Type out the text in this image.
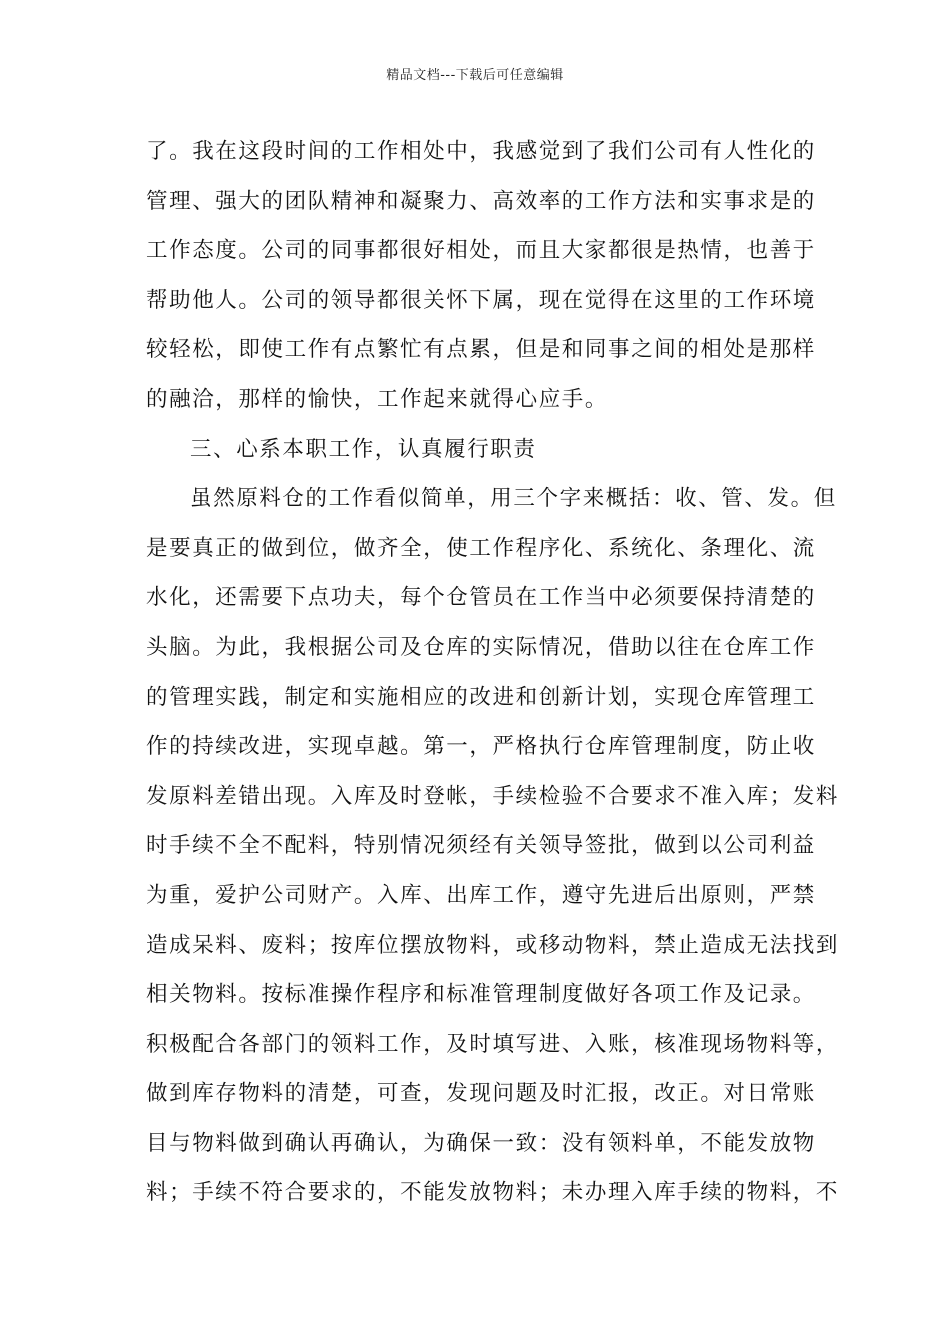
精品文档---下载后可任意编辑
了。我在这段时间的工作相处中，我感觉到了我们公司有人性化的
管理、强大的团队精神和凝聚力、高效率的工作方法和实事求是的
工作态度。公司的同事都很好相处，而且大家都很是热情，也善于
帮助他人。公司的领导都很关怀下属，现在觉得在这里的工作环境
较轻松，即使工作有点繁忙有点累，但是和同事之间的相处是那样
的融洽，那样的愉快，工作起来就得心应手。
三、心系本职工作，认真履行职责
虽然原料仓的工作看似简单，用三个字来概括：收、管、发。但
是要真正的做到位，做齐全，使工作程序化、系统化、条理化、流
水化，还需要下点功夫，每个仓管员在工作当中必须要保持清楚的
头脑。为此，我根据公司及仓库的实际情况，借助以往在仓库工作
的管理实践，制定和实施相应的改进和创新计划，实现仓库管理工
作的持续改进，实现卓越。第一，严格执行仓库管理制度，防止收
发原料差错出现。入库及时登帐，手续检验不合要求不准入库；发料
时手续不全不配料，特别情况须经有关领导签批，做到以公司利益
为重，爱护公司财产。入库、出库工作，遵守先进后出原则，严禁
造成呆料、废料；按库位摆放物料，或移动物料，禁止造成无法找到
相关物料。按标准操作程序和标准管理制度做好各项工作及记录。
积极配合各部门的领料工作，及时填写进、入账，核准现场物料等，
做到库存物料的清楚，可查，发现问题及时汇报，改正。对日常账
目与物料做到确认再确认，为确保一致：没有领料单，不能发放物
料；手续不符合要求的，不能发放物料；未办理入库手续的物料，不
